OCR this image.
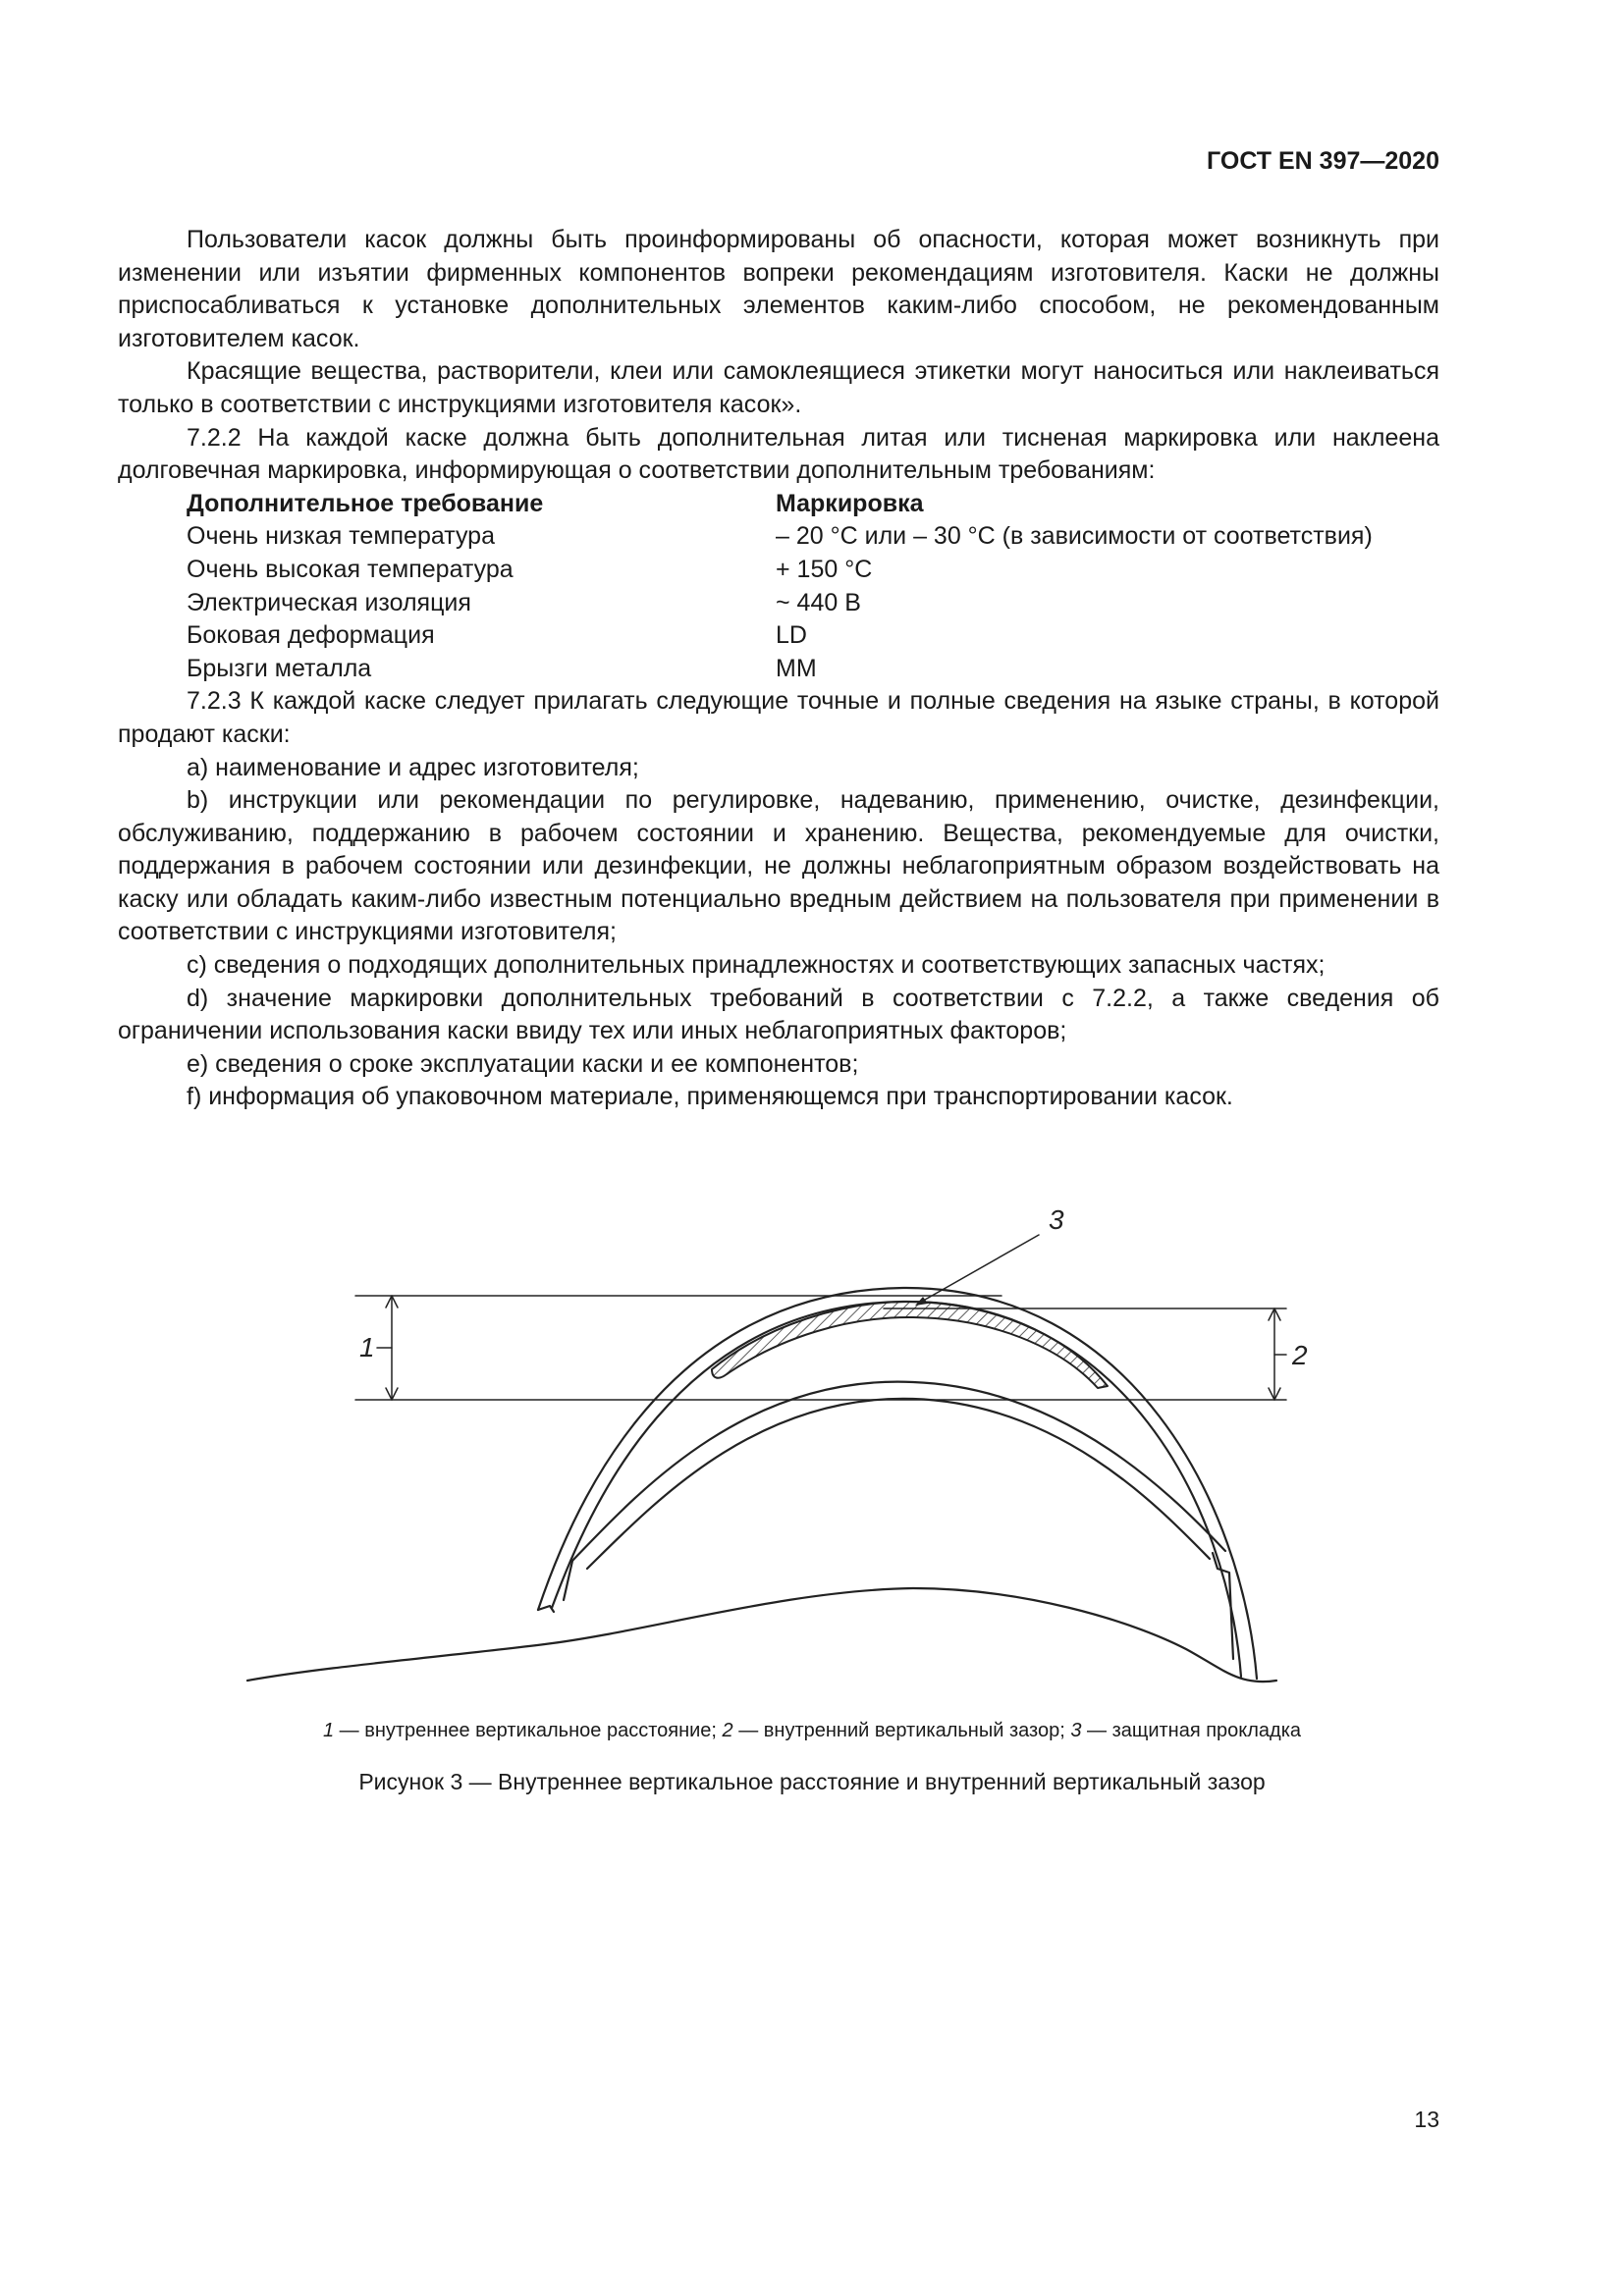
ГОСТ EN 397—2020

Пользователи касок должны быть проинформированы об опасности, которая может возникнуть при изменении или изъятии фирменных компонентов вопреки рекомендациям изготовителя. Каски не должны приспосабливаться к установке дополнительных элементов каким-либо способом, не рекомендованным изготовителем касок.

Красящие вещества, растворители, клеи или самоклеящиеся этикетки могут наноситься или наклеиваться только в соответствии с инструкциями изготовителя касок».

7.2.2 На каждой каске должна быть дополнительная литая или тисненая маркировка или наклеена долговечная маркировка, информирующая о соответствии дополнительным требованиям:

Дополнительное требование	Маркировка
Очень низкая температура	– 20 °С или – 30 °С (в зависимости от соответствия)
Очень высокая температура	+ 150 °С
Электрическая изоляция	~ 440 В
Боковая деформация	LD
Брызги металла	ММ

7.2.3 К каждой каске следует прилагать следующие точные и полные сведения на языке страны, в которой продают каски:

a) наименование и адрес изготовителя;

b) инструкции или рекомендации по регулировке, надеванию, применению, очистке, дезинфекции, обслуживанию, поддержанию в рабочем состоянии и хранению. Вещества, рекомендуемые для очистки, поддержания в рабочем состоянии или дезинфекции, не должны неблагоприятным образом воздействовать на каску или обладать каким-либо известным потенциально вредным действием на пользователя при применении в соответствии с инструкциями изготовителя;

c) сведения о подходящих дополнительных принадлежностях и соответствующих запасных частях;

d) значение маркировки дополнительных требований в соответствии с 7.2.2, а также сведения об ограничении использования каски ввиду тех или иных неблагоприятных факторов;

e) сведения о сроке эксплуатации каски и ее компонентов;

f) информация об упаковочном материале, применяющемся при транспортировании касок.

1	2
3
1 — внутреннее вертикальное расстояние; 2 — внутренний вертикальный зазор; 3 — защитная прокладка
Рисунок 3 — Внутреннее вертикальное расстояние и внутренний вертикальный зазор
13
